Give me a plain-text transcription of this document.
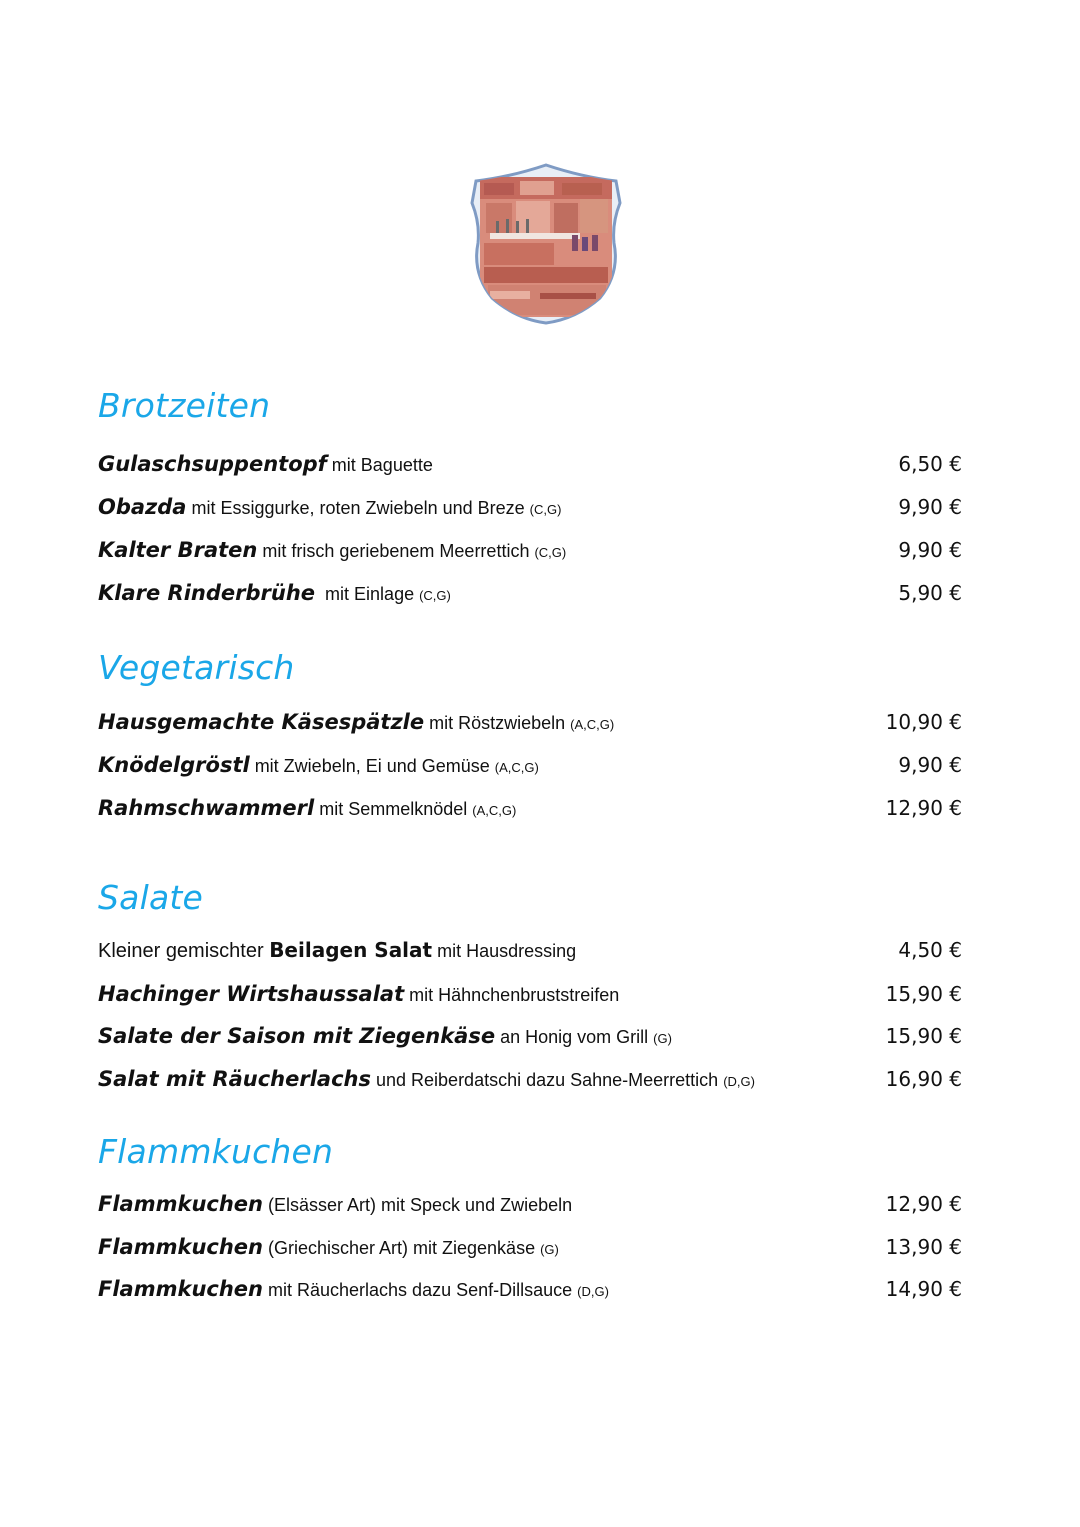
Brotzeiten
Gulaschsuppentopf mit Baguette	6,50 €
Obazda mit Essiggurke, roten Zwiebeln und Breze (C,G)	9,90 €
Kalter Braten mit frisch geriebenem Meerrettich (C,G)	9,90 €
Klare Rinderbrühe  mit Einlage (C,G)	5,90 €
Vegetarisch
Hausgemachte Käsespätzle mit Röstzwiebeln (A,C,G)	10,90 €
Knödelgröstl mit Zwiebeln, Ei und Gemüse (A,C,G)	9,90 €
Rahmschwammerl mit Semmelknödel (A,C,G)	12,90 €
Salate
Kleiner gemischter Beilagen Salat mit Hausdressing	4,50 €
Hachinger Wirtshaussalat mit Hähnchenbruststreifen	15,90 €
Salate der Saison mit Ziegenkäse an Honig vom Grill (G)	15,90 €
Salat mit Räucherlachs und Reiberdatschi dazu Sahne-Meerrettich (D,G)	16,90 €
Flammkuchen
Flammkuchen (Elsässer Art) mit Speck und Zwiebeln	12,90 €
Flammkuchen (Griechischer Art) mit Ziegenkäse (G)	13,90 €
Flammkuchen mit Räucherlachs dazu Senf-Dillsauce (D,G)	14,90 €
